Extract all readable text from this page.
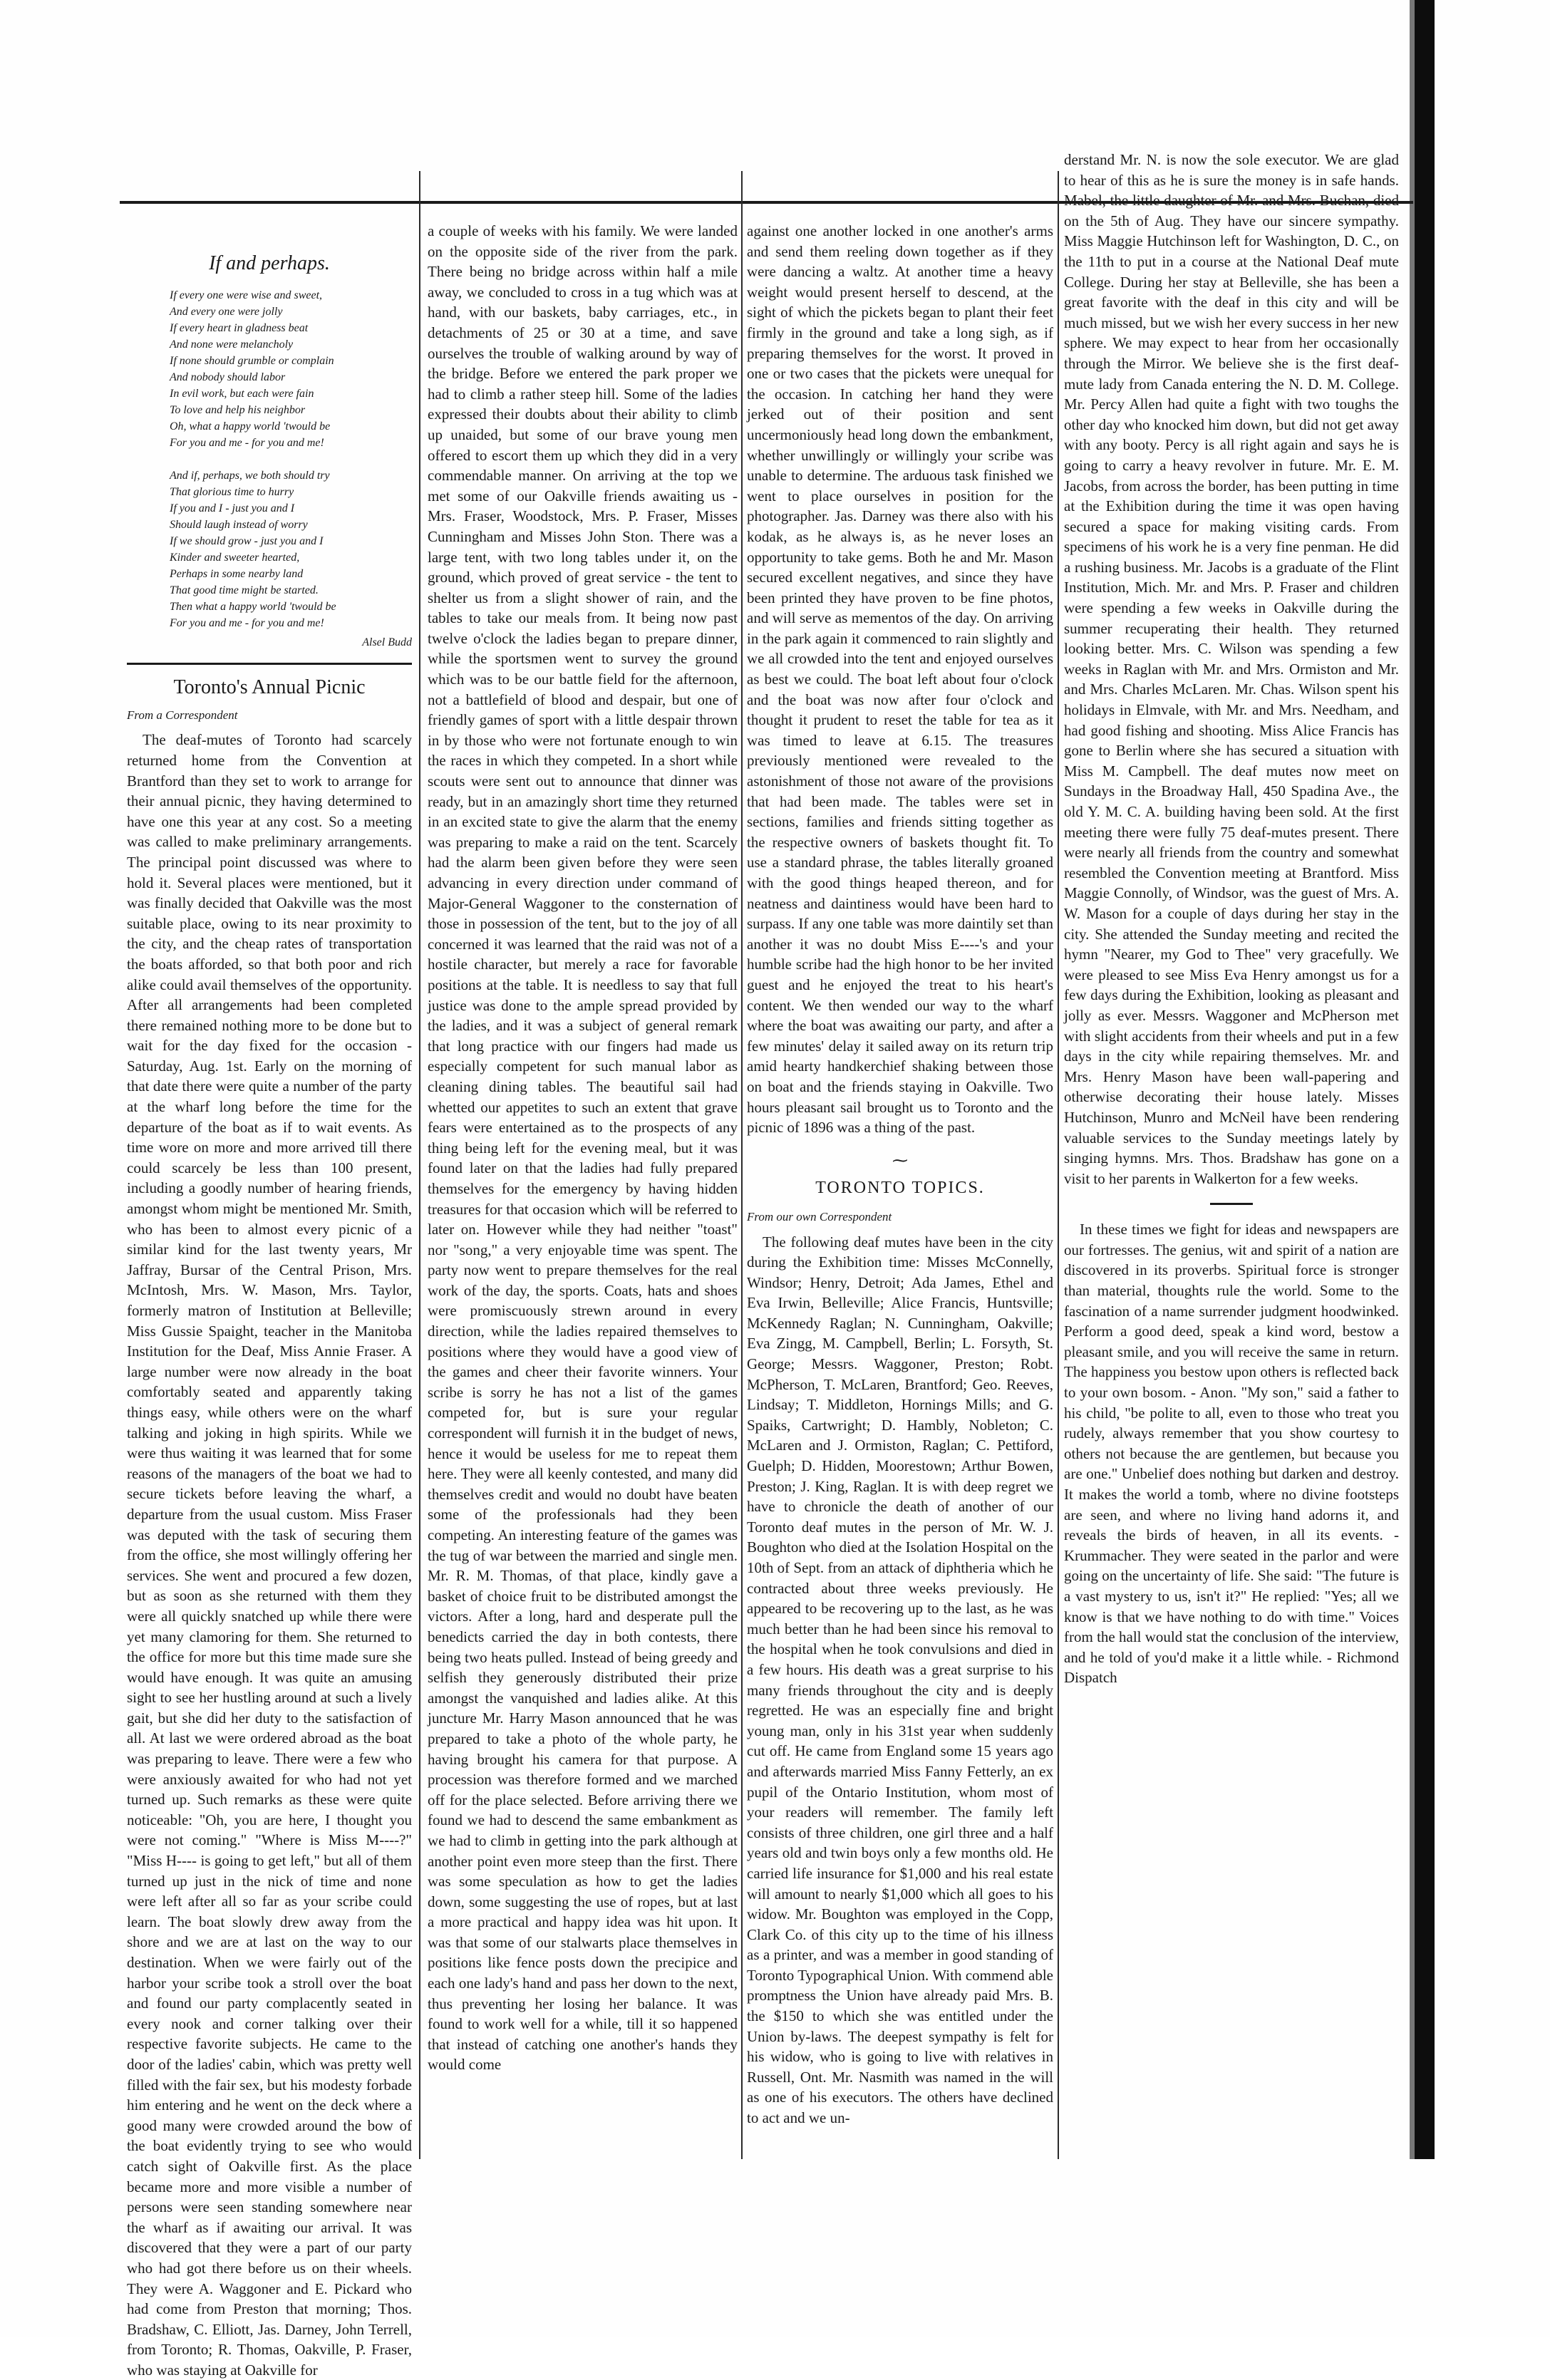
If and perhaps.
If every one were wise and sweet,
And every one were jolly
If every heart in gladness beat
And none were melancholy
If none should grumble or complain
And nobody should labor
In evil work, but each were fain
To love and help his neighbor
Oh, what a happy world 'twould be
For you and me - for you and me!

And if, perhaps, we both should try
That glorious time to hurry
If you and I - just you and I
Should laugh instead of worry
If we should grow - just you and I
Kinder and sweeter hearted,
Perhaps in some nearby land
That good time might be started.
Then what a happy world 'twould be
For you and me - for you and me!
Alsel Budd
Toronto's Annual Picnic
From a Correspondent

The deaf-mutes of Toronto had scarcely returned home from the Convention at Brantford than they set to work to arrange for their annual picnic, they having determined to have one this year at any cost. So a meeting was called to make preliminary arrangements. The principal point discussed was where to hold it. Several places were mentioned, but it was finally decided that Oakville was the most suitable place, owing to its near proximity to the city, and the cheap rates of transportation the boats afforded, so that both poor and rich alike could avail themselves of the opportunity. After all arrangements had been completed there remained nothing more to be done but to wait for the day fixed for the occasion - Saturday, Aug. 1st. Early on the morning of that date there were quite a number of the party at the wharf long before the time for the departure of the boat as if to wait events. As time wore on more and more arrived till there could scarcely be less than 100 present, including a goodly number of hearing friends, amongst whom might be mentioned Mr. Smith, who has been to almost every picnic of a similar kind for the last twenty years, Mr Jaffray, Bursar of the Central Prison, Mrs. McIntosh, Mrs. W. Mason, Mrs. Taylor, formerly matron of Institution at Belleville; Miss Gussie Spaight, teacher in the Manitoba Institution for the Deaf, Miss Annie Fraser. A large number were now already in the boat comfortably seated and apparently taking things easy, while others were on the wharf talking and joking in high spirits. While we were thus waiting it was learned that for some reasons of the managers of the boat we had to secure tickets before leaving the wharf, a departure from the usual custom. Miss Fraser was deputed with the task of securing them from the office, she most willingly offering her services. She went and procured a few dozen, but as soon as she returned with them they were all quickly snatched up while there were yet many clamoring for them. She returned to the office for more but this time made sure she would have enough. It was quite an amusing sight to see her hustling around at such a lively gait, but she did her duty to the satisfaction of all. At last we were ordered abroad as the boat was preparing to leave. There were a few who were anxiously awaited for who had not yet turned up. Such remarks as these were quite noticeable: "Oh, you are here, I thought you were not coming." "Where is Miss M----?" "Miss H---- is going to get left," but all of them turned up just in the nick of time and none were left after all so far as your scribe could learn. The boat slowly drew away from the shore and we are at last on the way to our destination. When we were fairly out of the harbor your scribe took a stroll over the boat and found our party complacently seated in every nook and corner talking over their respective favorite subjects. He came to the door of the ladies' cabin, which was pretty well filled with the fair sex, but his modesty forbade him entering and he went on the deck where a good many were crowded around the bow of the boat evidently trying to see who would catch sight of Oakville first. As the place became more and more visible a number of persons were seen standing somewhere near the wharf as if awaiting our arrival. It was discovered that they were a part of our party who had got there before us on their wheels. They were A. Waggoner and E. Pickard who had come from Preston that morning; Thos. Bradshaw, C. Elliott, Jas. Darney, John Terrell, from Toronto; R. Thomas, Oakville, P. Fraser, who was staying at Oakville for

a couple of weeks with his family. We were landed on the opposite side of the river from the park. There being no bridge across within half a mile away, we concluded to cross in a tug which was at hand, with our baskets, baby carriages, etc., in detachments of 25 or 30 at a time, and save ourselves the trouble of walking around by way of the bridge. Before we entered the park proper we had to climb a rather steep hill. Some of the ladies expressed their doubts about their ability to climb up unaided, but some of our brave young men offered to escort them up which they did in a very commendable manner. On arriving at the top we met some of our Oakville friends awaiting us - Mrs. Fraser, Woodstock, Mrs. P. Fraser, Misses Cunningham and Misses John Ston. There was a large tent, with two long tables under it, on the ground, which proved of great service - the tent to shelter us from a slight shower of rain, and the tables to take our meals from. It being now past twelve o'clock the ladies began to prepare dinner, while the sportsmen went to survey the ground which was to be our battle field for the afternoon, not a battlefield of blood and despair, but one of friendly games of sport with a little despair thrown in by those who were not fortunate enough to win the races in which they competed. In a short while scouts were sent out to announce that dinner was ready, but in an amazingly short time they returned in an excited state to give the alarm that the enemy was preparing to make a raid on the tent. Scarcely had the alarm been given before they were seen advancing in every direction under command of Major-General Waggoner to the consternation of those in possession of the tent, but to the joy of all concerned it was learned that the raid was not of a hostile character, but merely a race for favorable positions at the table. It is needless to say that full justice was done to the ample spread provided by the ladies, and it was a subject of general remark that long practice with our fingers had made us especially competent for such manual labor as cleaning dining tables. The beautiful sail had whetted our appetites to such an extent that grave fears were entertained as to the prospects of any thing being left for the evening meal, but it was found later on that the ladies had fully prepared themselves for the emergency by having hidden treasures for that occasion which will be referred to later on. However while they had neither "toast" nor "song," a very enjoyable time was spent. The party now went to prepare themselves for the real work of the day, the sports. Coats, hats and shoes were promiscuously strewn around in every direction, while the ladies repaired themselves to positions where they would have a good view of the games and cheer their favorite winners. Your scribe is sorry he has not a list of the games competed for, but is sure your regular correspondent will furnish it in the budget of news, hence it would be useless for me to repeat them here. They were all keenly contested, and many did themselves credit and would no doubt have beaten some of the professionals had they been competing. An interesting feature of the games was the tug of war between the married and single men. Mr. R. M. Thomas, of that place, kindly gave a basket of choice fruit to be distributed amongst the victors. After a long, hard and desperate pull the benedicts carried the day in both contests, there being two heats pulled. Instead of being greedy and selfish they generously distributed their prize amongst the vanquished and ladies alike. At this juncture Mr. Harry Mason announced that he was prepared to take a photo of the whole party, he having brought his camera for that purpose. A procession was therefore formed and we marched off for the place selected. Before arriving there we found we had to descend the same embankment as we had to climb in getting into the park although at another point even more steep than the first. There was some speculation as how to get the ladies down, some suggesting the use of ropes, but at last a more practical and happy idea was hit upon. It was that some of our stalwarts place themselves in positions like fence posts down the precipice and each one lady's hand and pass her down to the next, thus preventing her losing her balance. It was found to work well for a while, till it so happened that instead of catching one another's hands they would come

against one another locked in one another's arms and send them reeling down together as if they were dancing a waltz. At another time a heavy weight would present herself to descend, at the sight of which the pickets began to plant their feet firmly in the ground and take a long sigh, as if preparing themselves for the worst. It proved in one or two cases that the pickets were unequal for the occasion. In catching her hand they were jerked out of their position and sent uncermoniously head long down the embankment, whether unwillingly or willingly your scribe was unable to determine. The arduous task finished we went to place ourselves in position for the photographer. Jas. Darney was there also with his kodak, as he always is, as he never loses an opportunity to take gems. Both he and Mr. Mason secured excellent negatives, and since they have been printed they have proven to be fine photos, and will serve as mementos of the day. On arriving in the park again it commenced to rain slightly and we all crowded into the tent and enjoyed ourselves as best we could. The boat left about four o'clock and the boat was now after four o'clock and thought it prudent to reset the table for tea as it was timed to leave at 6.15. The treasures previously mentioned were revealed to the astonishment of those not aware of the provisions that had been made. The tables were set in sections, families and friends sitting together as the respective owners of baskets thought fit. To use a standard phrase, the tables literally groaned with the good things heaped thereon, and for neatness and daintiness would have been hard to surpass. If any one table was more daintily set than another it was no doubt Miss E----'s and your humble scribe had the high honor to be her invited guest and he enjoyed the treat to his heart's content. We then wended our way to the wharf where the boat was awaiting our party, and after a few minutes' delay it sailed away on its return trip amid hearty handkerchief shaking between those on boat and the friends staying in Oakville. Two hours pleasant sail brought us to Toronto and the picnic of 1896 was a thing of the past.

⁓
TORONTO TOPICS.
From our own Correspondent

The following deaf mutes have been in the city during the Exhibition time: Misses McConnelly, Windsor; Henry, Detroit; Ada James, Ethel and Eva Irwin, Belleville; Alice Francis, Huntsville; McKennedy Raglan; N. Cunningham, Oakville; Eva Zingg, M. Campbell, Berlin; L. Forsyth, St. George; Messrs. Waggoner, Preston; Robt. McPherson, T. McLaren, Brantford; Geo. Reeves, Lindsay; T. Middleton, Hornings Mills; and G. Spaiks, Cartwright; D. Hambly, Nobleton; C. McLaren and J. Ormiston, Raglan; C. Pettiford, Guelph; D. Hidden, Moorestown; Arthur Bowen, Preston; J. King, Raglan. It is with deep regret we have to chronicle the death of another of our Toronto deaf mutes in the person of Mr. W. J. Boughton who died at the Isolation Hospital on the 10th of Sept. from an attack of diphtheria which he contracted about three weeks previously. He appeared to be recovering up to the last, as he was much better than he had been since his removal to the hospital when he took convulsions and died in a few hours. His death was a great surprise to his many friends throughout the city and is deeply regretted. He was an especially fine and bright young man, only in his 31st year when suddenly cut off. He came from England some 15 years ago and afterwards married Miss Fanny Fetterly, an ex pupil of the Ontario Institution, whom most of your readers will remember. The family left consists of three children, one girl three and a half years old and twin boys only a few months old. He carried life insurance for $1,000 and his real estate will amount to nearly $1,000 which all goes to his widow. Mr. Boughton was employed in the Copp, Clark Co. of this city up to the time of his illness as a printer, and was a member in good standing of Toronto Typographical Union. With commend able promptness the Union have already paid Mrs. B. the $150 to which she was entitled under the Union by-laws. The deepest sympathy is felt for his widow, who is going to live with relatives in Russell, Ont. Mr. Nasmith was named in the will as one of his executors. The others have declined to act and we un-

derstand Mr. N. is now the sole executor. We are glad to hear of this as he is sure the money is in safe hands. Mabel, the little daughter of Mr. and Mrs. Buchan, died on the 5th of Aug. They have our sincere sympathy. Miss Maggie Hutchinson left for Washington, D. C., on the 11th to put in a course at the National Deaf mute College. During her stay at Belleville, she has been a great favorite with the deaf in this city and will be much missed, but we wish her every success in her new sphere. We may expect to hear from her occasionally through the Mirror. We believe she is the first deaf-mute lady from Canada entering the N. D. M. College. Mr. Percy Allen had quite a fight with two toughs the other day who knocked him down, but did not get away with any booty. Percy is all right again and says he is going to carry a heavy revolver in future. Mr. E. M. Jacobs, from across the border, has been putting in time at the Exhibition during the time it was open having secured a space for making visiting cards. From specimens of his work he is a very fine penman. He did a rushing business. Mr. Jacobs is a graduate of the Flint Institution, Mich. Mr. and Mrs. P. Fraser and children were spending a few weeks in Oakville during the summer recuperating their health. They returned looking better. Mrs. C. Wilson was spending a few weeks in Raglan with Mr. and Mrs. Ormiston and Mr. and Mrs. Charles McLaren. Mr. Chas. Wilson spent his holidays in Elmvale, with Mr. and Mrs. Needham, and had good fishing and shooting. Miss Alice Francis has gone to Berlin where she has secured a situation with Miss M. Campbell. The deaf mutes now meet on Sundays in the Broadway Hall, 450 Spadina Ave., the old Y. M. C. A. building having been sold. At the first meeting there were fully 75 deaf-mutes present. There were nearly all friends from the country and somewhat resembled the Convention meeting at Brantford. Miss Maggie Connolly, of Windsor, was the guest of Mrs. A. W. Mason for a couple of days during her stay in the city. She attended the Sunday meeting and recited the hymn "Nearer, my God to Thee" very gracefully. We were pleased to see Miss Eva Henry amongst us for a few days during the Exhibition, looking as pleasant and jolly as ever. Messrs. Waggoner and McPherson met with slight accidents from their wheels and put in a few days in the city while repairing themselves. Mr. and Mrs. Henry Mason have been wall-papering and otherwise decorating their house lately. Misses Hutchinson, Munro and McNeil have been rendering valuable services to the Sunday meetings lately by singing hymns. Mrs. Thos. Bradshaw has gone on a visit to her parents in Walkerton for a few weeks.

In these times we fight for ideas and newspapers are our fortresses. The genius, wit and spirit of a nation are discovered in its proverbs. Spiritual force is stronger than material, thoughts rule the world. Some to the fascination of a name surrender judgment hoodwinked. Perform a good deed, speak a kind word, bestow a pleasant smile, and you will receive the same in return. The happiness you bestow upon others is reflected back to your own bosom. - Anon. "My son," said a father to his child, "be polite to all, even to those who treat you rudely, always remember that you show courtesy to others not because the are gentlemen, but because you are one." Unbelief does nothing but darken and destroy. It makes the world a tomb, where no divine footsteps are seen, and where no living hand adorns it, and reveals the birds of heaven, in all its events. - Krummacher. They were seated in the parlor and were going on the uncertainty of life. She said: "The future is a vast mystery to us, isn't it?" He replied: "Yes; all we know is that we have nothing to do with time." Voices from the hall would stat the conclusion of the interview, and he told of you'd make it a little while. - Richmond Dispatch
